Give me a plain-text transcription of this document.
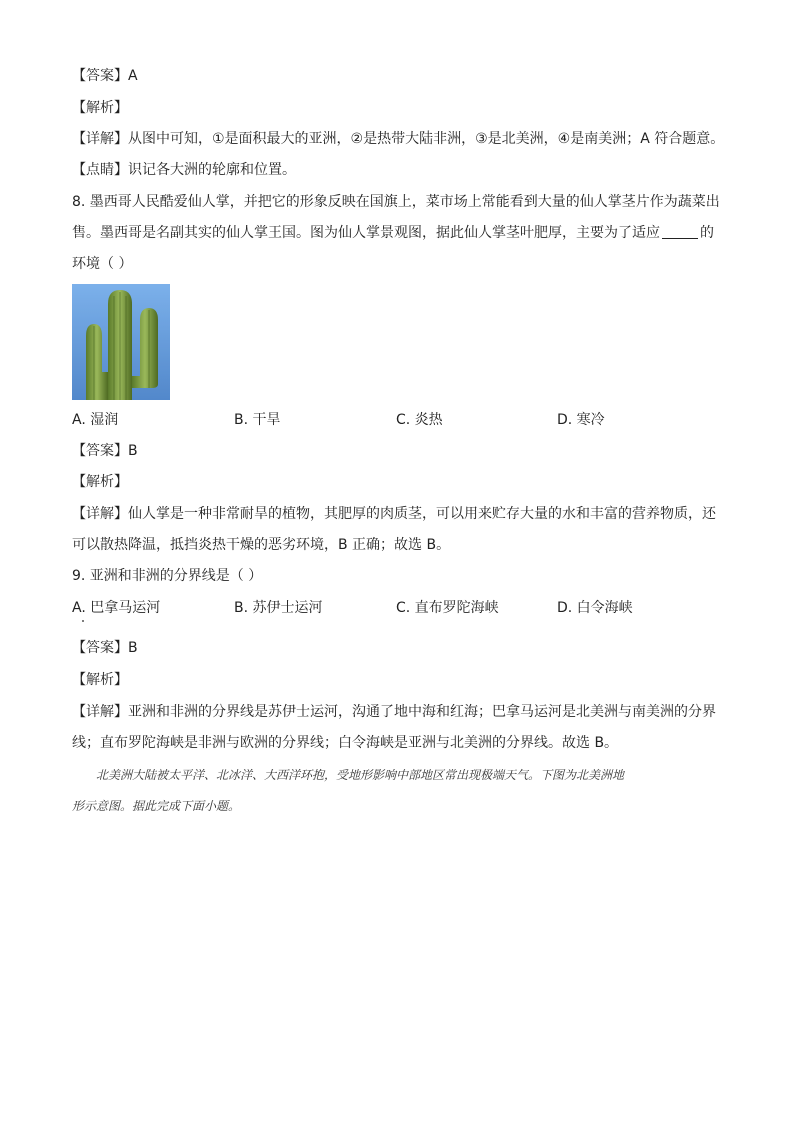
【答案】A
【解析】
【详解】从图中可知，①是面积最大的亚洲，②是热带大陆非洲，③是北美洲，④是南美洲；A 符合题意。
【点睛】识记各大洲的轮廓和位置。
8. 墨西哥人民酷爱仙人掌，并把它的形象反映在国旗上，菜市场上常能看到大量的仙人掌茎片作为蔬菜出
售。墨西哥是名副其实的仙人掌王国。图为仙人掌景观图，据此仙人掌茎叶肥厚，主要为了适应	的
环境（ ）
A. 湿润	B. 干旱	C. 炎热	D. 寒冷
【答案】B
【解析】
【详解】仙人掌是一种非常耐旱的植物，其肥厚的肉质茎，可以用来贮存大量的水和丰富的营养物质，还
可以散热降温，抵挡炎热干燥的恶劣环境，B 正确；故选 B。
9. 亚洲和非洲的分界线是（ ）
A. 巴拿马运河	B. 苏伊士运河	C. 直布罗陀海峡	D. 白令海峡
【答案】B
【解析】
【详解】亚洲和非洲的分界线是苏伊士运河，沟通了地中海和红海；巴拿马运河是北美洲与南美洲的分界
线；直布罗陀海峡是非洲与欧洲的分界线；白令海峡是亚洲与北美洲的分界线。故选 B。
北美洲大陆被太平洋、北冰洋、大西洋环抱，受地形影响中部地区常出现极端天气。下图为北美洲地
形示意图。据此完成下面小题。
